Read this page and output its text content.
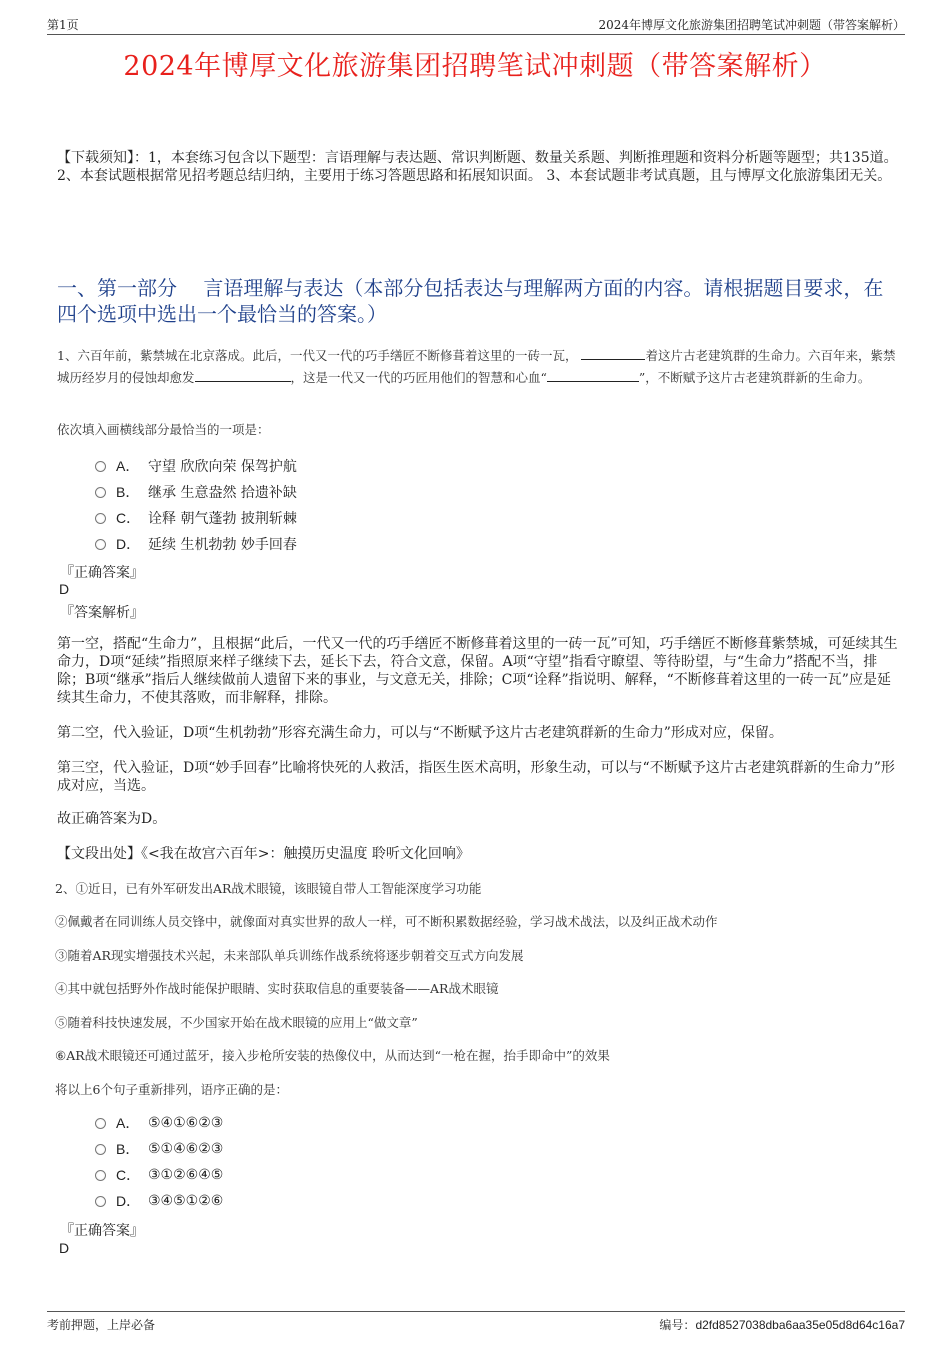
第1页	2024年博厚文化旅游集团招聘笔试冲刺题（带答案解析）
2024年博厚文化旅游集团招聘笔试冲刺题（带答案解析）
【下载须知】：1，本套练习包含以下题型：言语理解与表达题、常识判断题、数量关系题、判断推理题和资料分析题等题型；共135道。 2、本套试题根据常见招考题总结归纳，主要用于练习答题思路和拓展知识面。 3、本套试题非考试真题，且与博厚文化旅游集团无关。
一、第一部分　 言语理解与表达（本部分包括表达与理解两方面的内容。请根据题目要求，在四个选项中选出一个最恰当的答案。）
1、六百年前，紫禁城在北京落成。此后，一代又一代的巧手缮匠不断修葺着这里的一砖一瓦，	着这片古老建筑群的生命力。六百年来，紫禁城历经岁月的侵蚀却愈发	，这是一代又一代的巧匠用他们的智慧和心血“	”，不断赋予这片古老建筑群新的生命力。
依次填入画横线部分最恰当的一项是：
A． 守望 欣欣向荣 保驾护航
B． 继承 生意盎然 拾遗补缺
C． 诠释 朝气蓬勃 披荆斩棘
D． 延续 生机勃勃 妙手回春
『正确答案』
D
『答案解析』
第一空，搭配“生命力”，且根据“此后，一代又一代的巧手缮匠不断修葺着这里的一砖一瓦”可知，巧手缮匠不断修葺紫禁城，可延续其生命力，D项“延续”指照原来样子继续下去，延长下去，符合文意，保留。A项“守望”指看守瞭望、等待盼望，与“生命力”搭配不当，排除；B项“继承”指后人继续做前人遗留下来的事业，与文意无关，排除；C项“诠释”指说明、解释，“不断修葺着这里的一砖一瓦”应是延续其生命力，不使其落败，而非解释，排除。
第二空，代入验证，D项“生机勃勃”形容充满生命力，可以与“不断赋予这片古老建筑群新的生命力”形成对应，保留。
第三空，代入验证，D项“妙手回春”比喻将快死的人救活，指医生医术高明，形象生动，可以与“不断赋予这片古老建筑群新的生命力”形成对应，当选。
故正确答案为D。
【文段出处】《<我在故宫六百年>：触摸历史温度 聆听文化回响》
2、①近日，已有外军研发出AR战术眼镜，该眼镜自带人工智能深度学习功能
②佩戴者在同训练人员交锋中，就像面对真实世界的敌人一样，可不断积累数据经验，学习战术战法，以及纠正战术动作
③随着AR现实增强技术兴起，未来部队单兵训练作战系统将逐步朝着交互式方向发展
④其中就包括野外作战时能保护眼睛、实时获取信息的重要装备——AR战术眼镜
⑤随着科技快速发展，不少国家开始在战术眼镜的应用上“做文章”
⑥AR战术眼镜还可通过蓝牙，接入步枪所安装的热像仪中，从而达到“一枪在握，抬手即命中”的效果
将以上6个句子重新排列，语序正确的是：
A． ⑤④①⑥②③
B． ⑤①④⑥②③
C． ③①②⑥④⑤
D． ③④⑤①②⑥
『正确答案』
D
考前押题，上岸必备	编号：d2fd8527038dba6aa35e05d8d64c16a7
